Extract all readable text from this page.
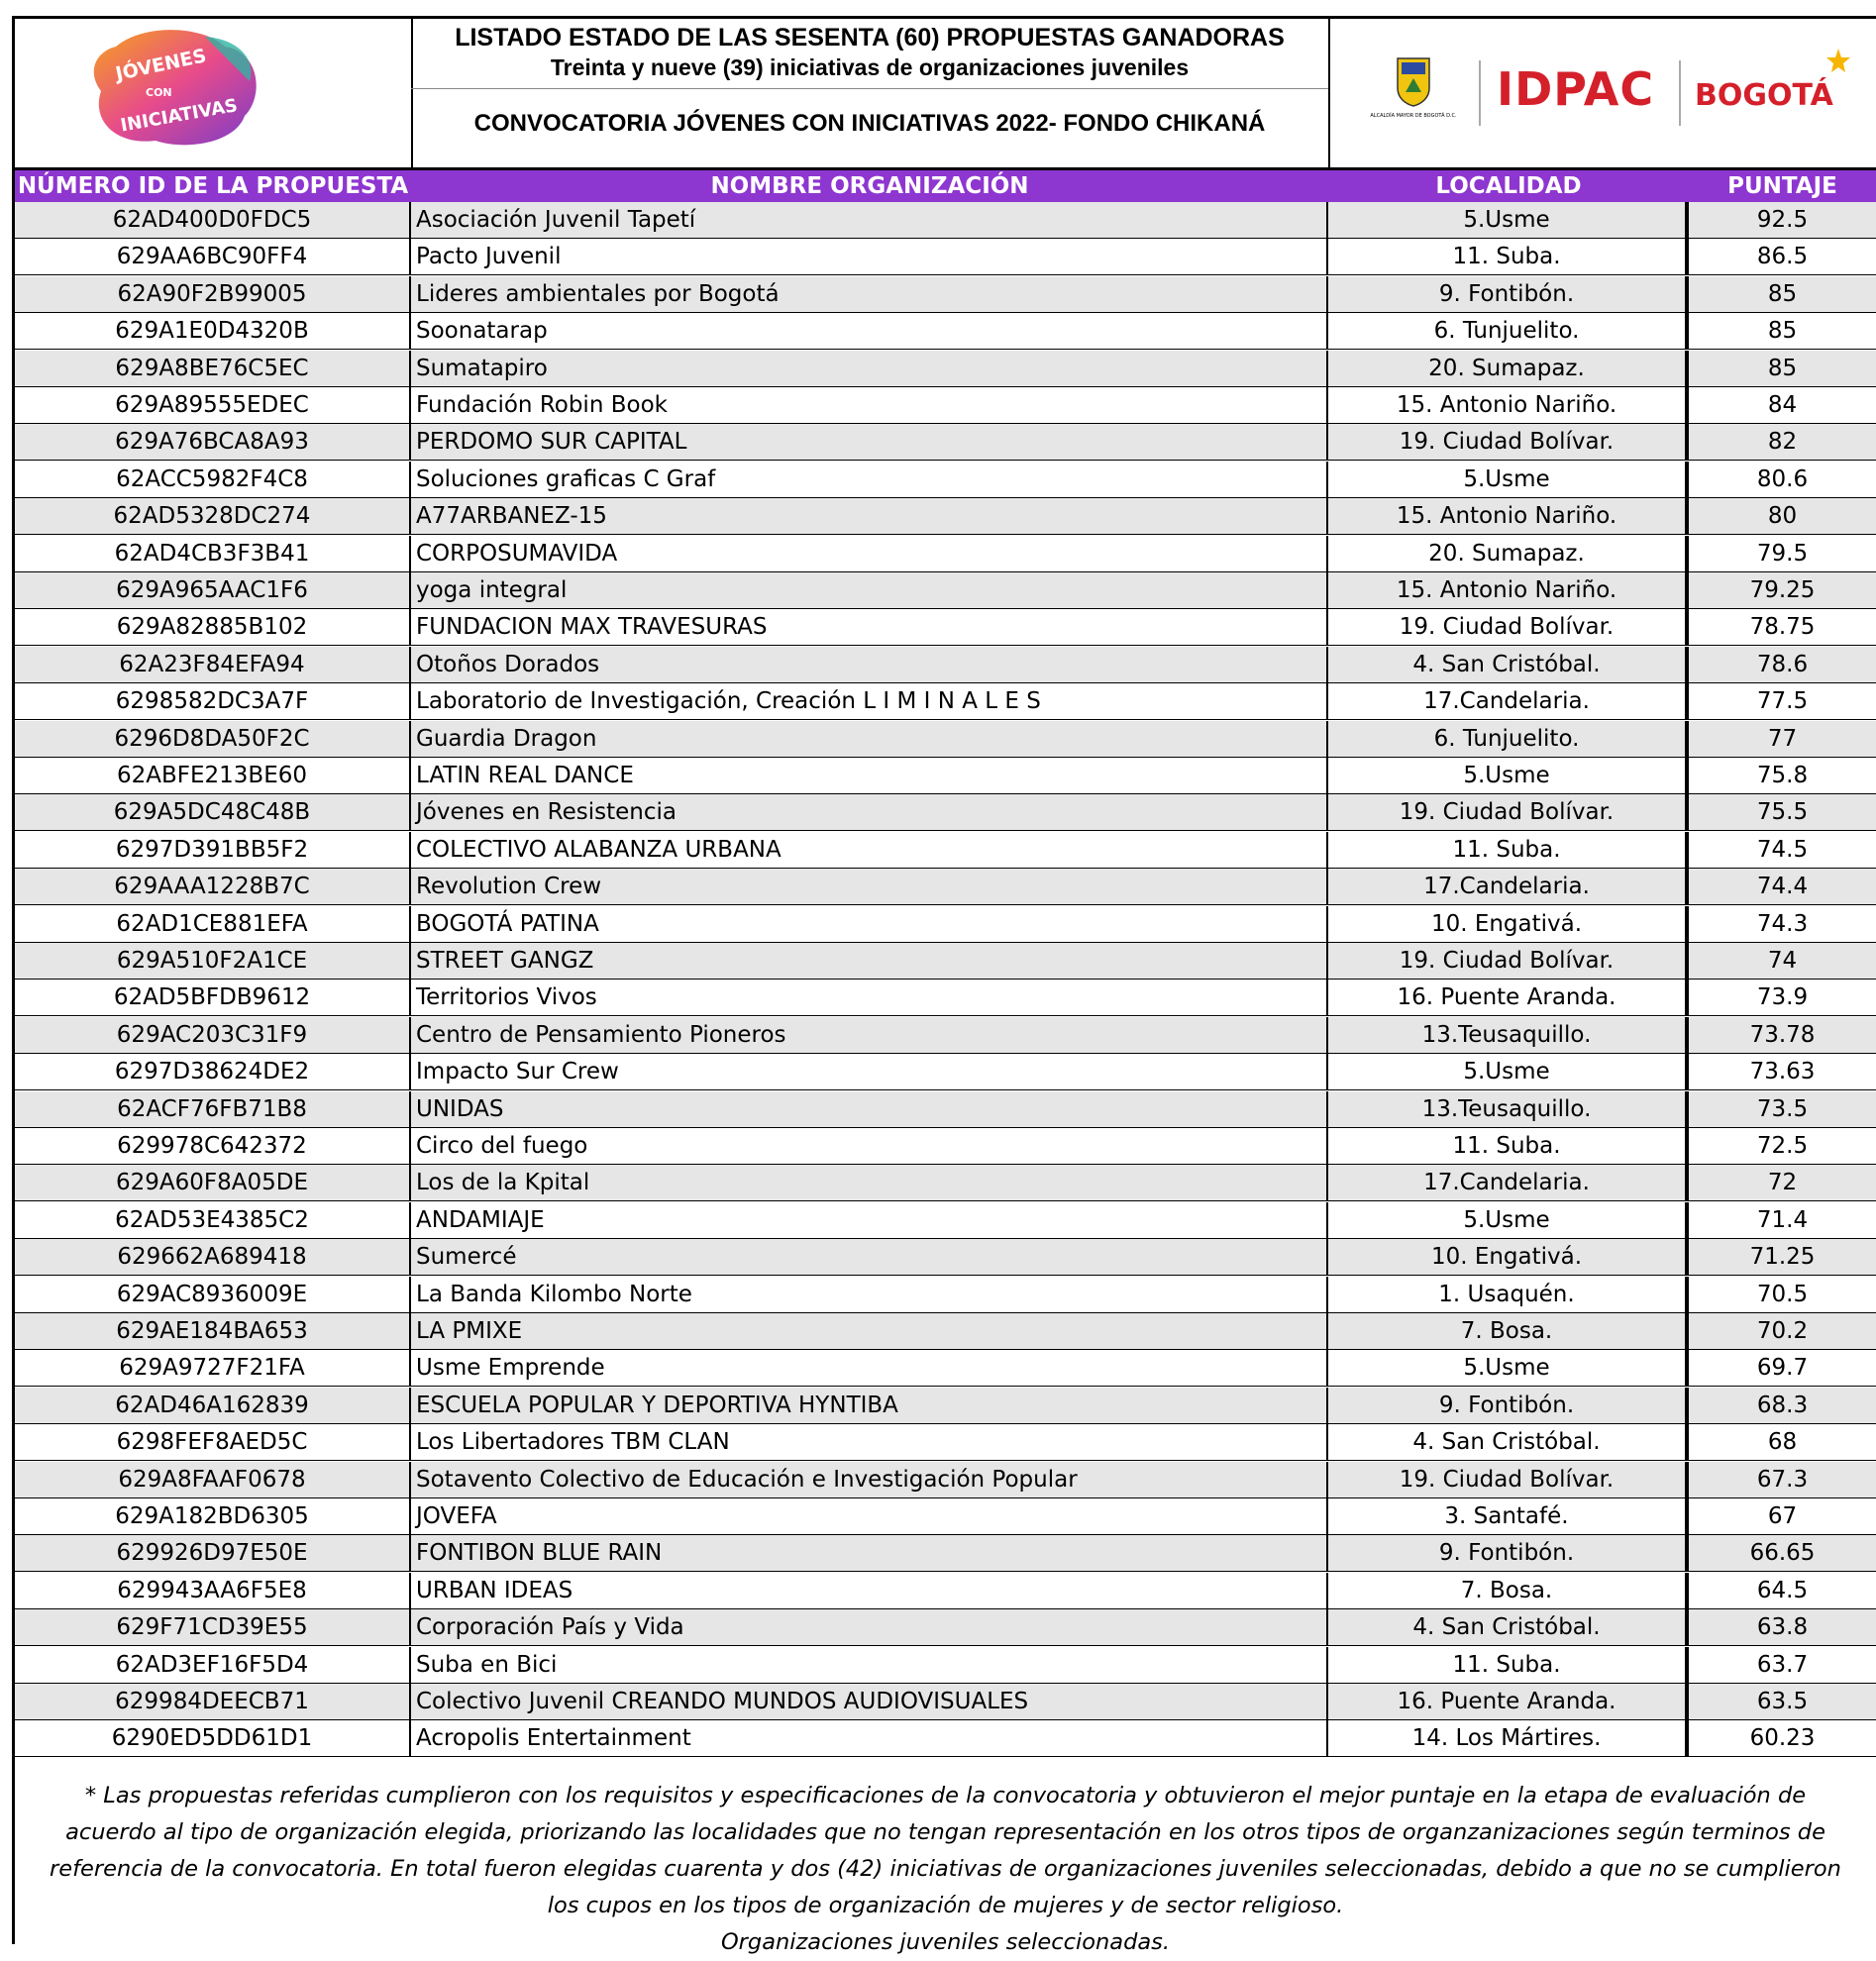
JÓVENES
CON
INICIATIVAS
LISTADO ESTADO DE LAS SESENTA (60) PROPUESTAS GANADORAS
Treinta y nueve (39) iniciativas de organizaciones juveniles
CONVOCATORIA JÓVENES CON INICIATIVAS 2022- FONDO CHIKANÁ	ALCALDÍA MAYOR DE BOGOTÁ D.C. IDPAC BOGOTÁ
NÚMERO ID DE LA PROPUESTA	NOMBRE ORGANIZACIÓN	LOCALIDAD	PUNTAJE
62AD400D0FDC5	Asociación Juvenil Tapetí	5.Usme	92.5
629AA6BC90FF4	Pacto Juvenil	11. Suba.	86.5
62A90F2B99005	Lideres ambientales por Bogotá	9. Fontibón.	85
629A1E0D4320B	Soonatarap	6. Tunjuelito.	85
629A8BE76C5EC	Sumatapiro	20. Sumapaz.	85
629A89555EDEC	Fundación Robin Book	15. Antonio Nariño.	84
629A76BCA8A93	PERDOMO SUR CAPITAL	19. Ciudad Bolívar.	82
62ACC5982F4C8	Soluciones graficas C Graf	5.Usme	80.6
62AD5328DC274	A77ARBANEZ-15	15. Antonio Nariño.	80
62AD4CB3F3B41	CORPOSUMAVIDA	20. Sumapaz.	79.5
629A965AAC1F6	yoga integral	15. Antonio Nariño.	79.25
629A82885B102	FUNDACION MAX TRAVESURAS	19. Ciudad Bolívar.	78.75
62A23F84EFA94	Otoños Dorados	4. San Cristóbal.	78.6
6298582DC3A7F	Laboratorio de Investigación, Creación L I M I N A L E S	17.Candelaria.	77.5
6296D8DA50F2C	Guardia Dragon	6. Tunjuelito.	77
62ABFE213BE60	LATIN REAL DANCE	5.Usme	75.8
629A5DC48C48B	Jóvenes en Resistencia	19. Ciudad Bolívar.	75.5
6297D391BB5F2	COLECTIVO ALABANZA URBANA	11. Suba.	74.5
629AAA1228B7C	Revolution Crew	17.Candelaria.	74.4
62AD1CE881EFA	BOGOTÁ PATINA	10. Engativá.	74.3
629A510F2A1CE	STREET GANGZ	19. Ciudad Bolívar.	74
62AD5BFDB9612	Territorios Vivos	16. Puente Aranda.	73.9
629AC203C31F9	Centro de Pensamiento Pioneros	13.Teusaquillo.	73.78
6297D38624DE2	Impacto Sur Crew	5.Usme	73.63
62ACF76FB71B8	UNIDAS	13.Teusaquillo.	73.5
629978C642372	Circo del fuego	11. Suba.	72.5
629A60F8A05DE	Los de la Kpital	17.Candelaria.	72
62AD53E4385C2	ANDAMIAJE	5.Usme	71.4
629662A689418	Sumercé	10. Engativá.	71.25
629AC8936009E	La Banda Kilombo Norte	1. Usaquén.	70.5
629AE184BA653	LA PMIXE	7. Bosa.	70.2
629A9727F21FA	Usme Emprende	5.Usme	69.7
62AD46A162839	ESCUELA POPULAR Y DEPORTIVA HYNTIBA	9. Fontibón.	68.3
6298FEF8AED5C	Los Libertadores TBM CLAN	4. San Cristóbal.	68
629A8FAAF0678	Sotavento Colectivo de Educación e Investigación Popular	19. Ciudad Bolívar.	67.3
629A182BD6305	JOVEFA	3. Santafé.	67
629926D97E50E	FONTIBON BLUE RAIN	9. Fontibón.	66.65
629943AA6F5E8	URBAN IDEAS	7. Bosa.	64.5
629F71CD39E55	Corporación País y Vida	4. San Cristóbal.	63.8
62AD3EF16F5D4	Suba en Bici	11. Suba.	63.7
629984DEECB71	Colectivo Juvenil CREANDO MUNDOS AUDIOVISUALES	16. Puente Aranda.	63.5
6290ED5DD61D1	Acropolis Entertainment	14. Los Mártires.	60.23

* Las propuestas referidas cumplieron con los requisitos y especificaciones de la convocatoria y obtuvieron el mejor puntaje en la etapa de evaluación de

acuerdo al tipo de organización elegida, priorizando las localidades que no tengan representación en los otros tipos de organzanizaciones según terminos de

referencia de la convocatoria. En total fueron elegidas cuarenta y dos (42) iniciativas de organizaciones juveniles seleccionadas, debido a que no se cumplieron

los cupos en los tipos de organización de mujeres y de sector religioso.

Organizaciones juveniles seleccionadas.
